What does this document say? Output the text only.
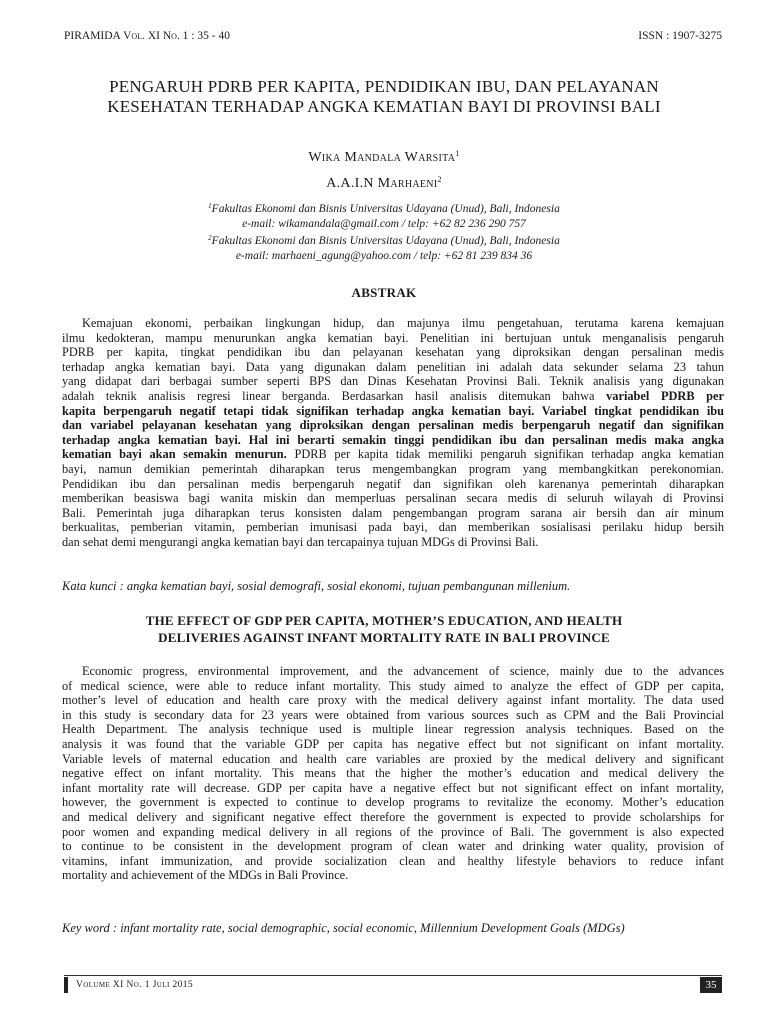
PIRAMIDA Vol. XI No. 1 : 35 - 40	ISSN : 1907-3275
PENGARUH PDRB PER KAPITA, PENDIDIKAN IBU, DAN PELAYANAN
KESEHATAN TERHADAP ANGKA KEMATIAN BAYI DI PROVINSI BALI
Wika Mandala Warsita$^1$
A.A.I.N Marhaeni$^2$
$^1$Fakultas Ekonomi dan Bisnis Universitas Udayana (Unud), Bali, Indonesia
e-mail: wikamandala@gmail.com / telp: +62 82 236 290 757
$^2$Fakultas Ekonomi dan Bisnis Universitas Udayana (Unud), Bali, Indonesia
e-mail: marhaeni_agung@yahoo.com / telp: +62 81 239 834 36
ABSTRAK
Kemajuan ekonomi, perbaikan lingkungan hidup, dan majunya ilmu pengetahuan, terutama karena kemajuan
ilmu kedokteran, mampu menurunkan angka kematian bayi. Penelitian ini bertujuan untuk menganalisis pengaruh
PDRB per kapita, tingkat pendidikan ibu dan pelayanan kesehatan yang diproksikan dengan persalinan medis
terhadap angka kematian bayi. Data yang digunakan dalam penelitian ini adalah data sekunder selama 23 tahun
yang didapat dari berbagai sumber seperti BPS dan Dinas Kesehatan Provinsi Bali. Teknik analisis yang digunakan
adalah teknik analisis regresi linear berganda. Berdasarkan hasil analisis ditemukan bahwa variabel PDRB per
kapita berpengaruh negatif tetapi tidak signifikan terhadap angka kematian bayi. Variabel tingkat pendidikan ibu
dan variabel pelayanan kesehatan yang diproksikan dengan persalinan medis berpengaruh negatif dan signifikan
terhadap angka kematian bayi. Hal ini berarti semakin tinggi pendidikan ibu dan persalinan medis maka angka
kematian bayi akan semakin menurun. PDRB per kapita tidak memiliki pengaruh signifikan terhadap angka kematian
bayi, namun demikian pemerintah diharapkan terus mengembangkan program yang membangkitkan perekonomian.
Pendidikan ibu dan persalinan medis berpengaruh negatif dan signifikan oleh karenanya pemerintah diharapkan
memberikan beasiswa bagi wanita miskin dan memperluas persalinan secara medis di seluruh wilayah di Provinsi
Bali. Pemerintah juga diharapkan terus konsisten dalam pengembangan program sarana air bersih dan air minum
berkualitas, pemberian vitamin, pemberian imunisasi pada bayi, dan memberikan sosialisasi perilaku hidup bersih
dan sehat demi mengurangi angka kematian bayi dan tercapainya tujuan MDGs di Provinsi Bali.
Kata kunci : angka kematian bayi, sosial demografi, sosial ekonomi, tujuan pembangunan millenium.
THE EFFECT OF GDP PER CAPITA, MOTHER’S EDUCATION, AND HEALTH
DELIVERIES AGAINST INFANT MORTALITY RATE IN BALI PROVINCE
Economic progress, environmental improvement, and the advancement of science, mainly due to the advances
of medical science, were able to reduce infant mortality. This study aimed to analyze the effect of GDP per capita,
mother’s level of education and health care proxy with the medical delivery against infant mortality. The data used
in this study is secondary data for 23 years were obtained from various sources such as CPM and the Bali Provincial
Health Department. The analysis technique used is multiple linear regression analysis techniques. Based on the
analysis it was found that the variable GDP per capita has negative effect but not significant on infant mortality.
Variable levels of maternal education and health care variables are proxied by the medical delivery and significant
negative effect on infant mortality. This means that the higher the mother’s education and medical delivery the
infant mortality rate will decrease. GDP per capita have a negative effect but not significant effect on infant mortality,
however, the government is expected to continue to develop programs to revitalize the economy. Mother’s education
and medical delivery and significant negative effect therefore the government is expected to provide scholarships for
poor women and expanding medical delivery in all regions of the province of Bali. The government is also expected
to continue to be consistent in the development program of clean water and drinking water quality, provision of
vitamins, infant immunization, and provide socialization clean and healthy lifestyle behaviors to reduce infant
mortality and achievement of the MDGs in Bali Province.
Key word : infant mortality rate, social demographic, social economic, Millennium Development Goals (MDGs)
Volume XI No. 1 Juli 2015	35
